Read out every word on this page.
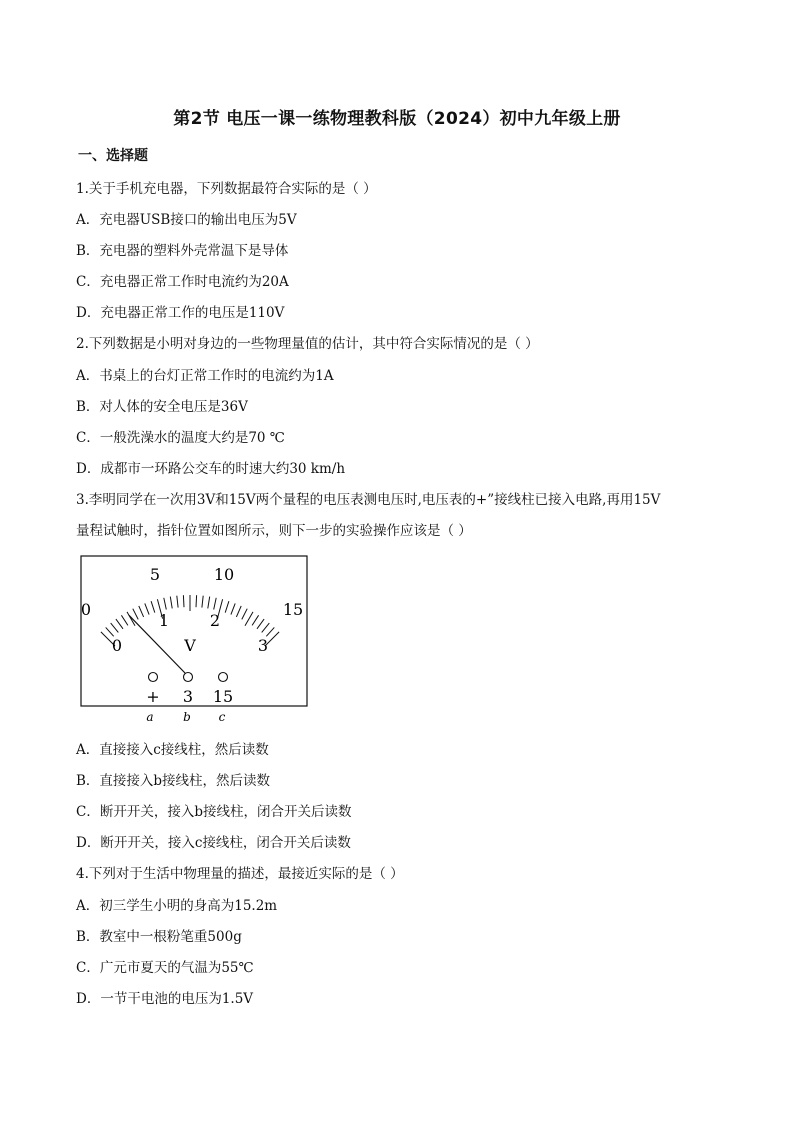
第2节 电压一课一练物理教科版（2024）初中九年级上册
一、选择题
1.关于手机充电器，下列数据最符合实际的是（ ）
A．充电器USB接口的输出电压为5V
B．充电器的塑料外壳常温下是导体
C．充电器正常工作时电流约为20A
D．充电器正常工作的电压是110V
2.下列数据是小明对身边的一些物理量值的估计，其中符合实际情况的是（ ）
A．书桌上的台灯正常工作时的电流约为1A
B．对人体的安全电压是36V
C．一般洗澡水的温度大约是70 ℃
D．成都市一环路公交车的时速大约30 km/h
3.李明同学在一次用3V和15V两个量程的电压表测电压时,电压表的+”接线柱已接入电路,再用15V
量程试触时，指针位置如图所示，则下一步的实验操作应该是（ ）
0
5	10
15
0
1	2
3
V
+ 3 15
a b c
A．直接接入c接线柱，然后读数
B．直接接入b接线柱，然后读数
C．断开开关，接入b接线柱，闭合开关后读数
D．断开开关，接入c接线柱，闭合开关后读数
4.下列对于生活中物理量的描述，最接近实际的是（ ）
A．初三学生小明的身高为15.2m
B．教室中一根粉笔重500g
C．广元市夏天的气温为55℃
D．一节干电池的电压为1.5V
